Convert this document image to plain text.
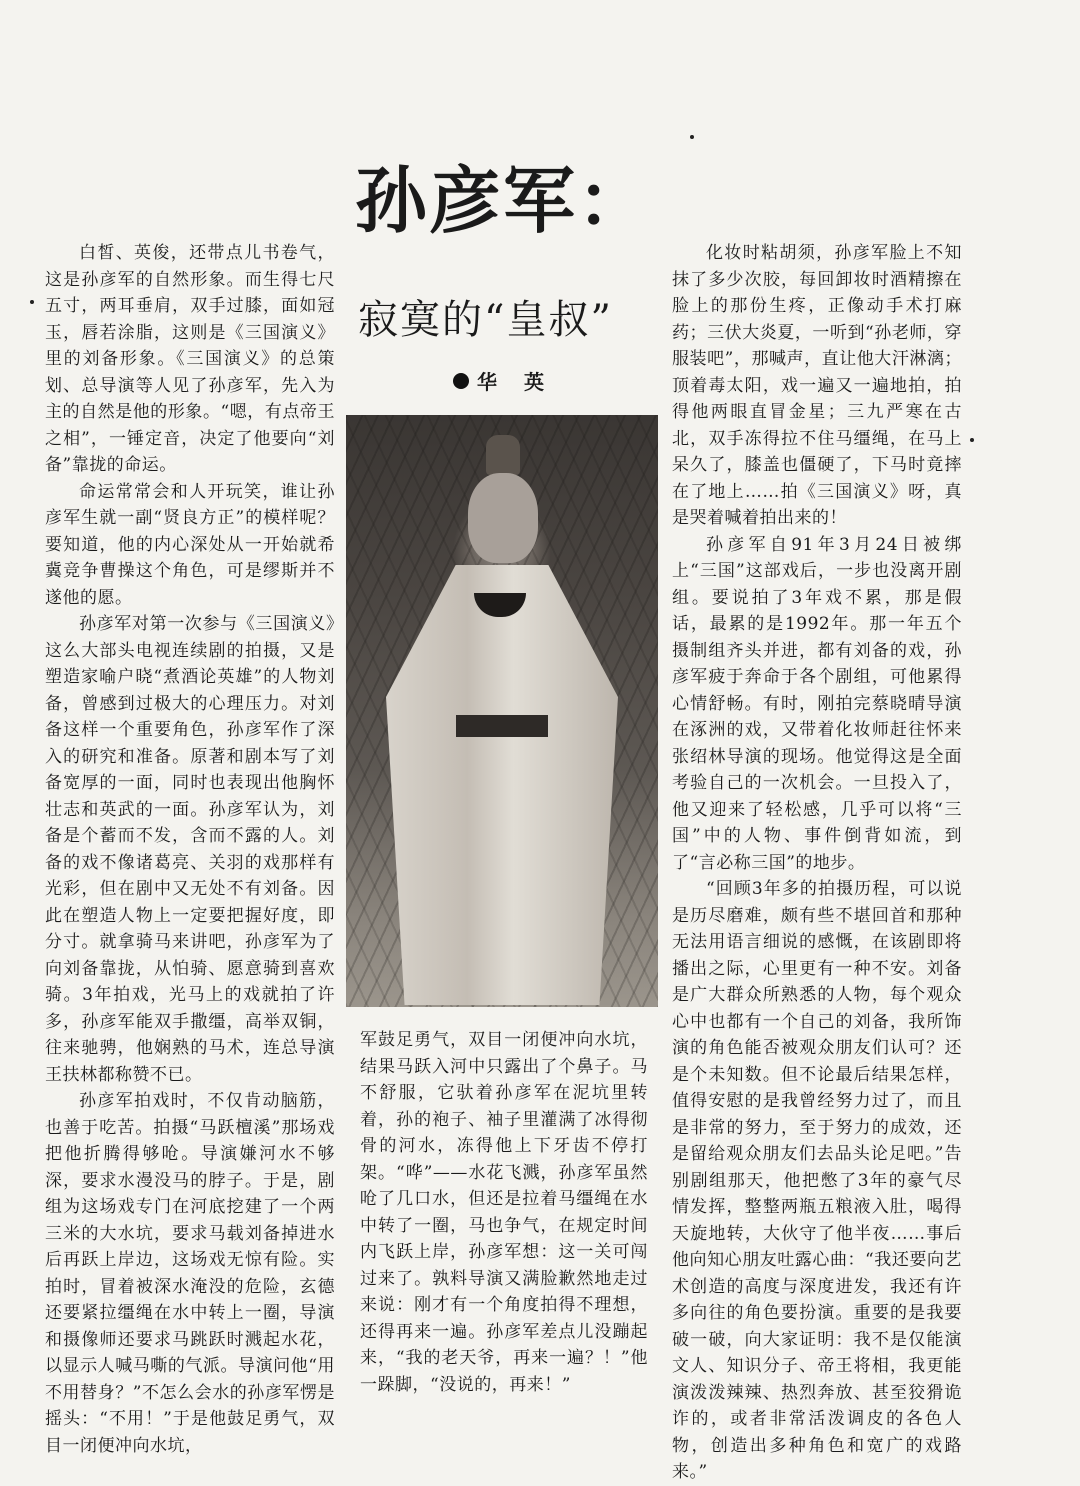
孙彦军：
寂寞的“皇叔”
华 英

白皙、英俊，还带点儿书卷气，这是孙彦军的自然形象。而生得七尺五寸，两耳垂肩，双手过膝，面如冠玉，唇若涂脂，这则是《三国演义》里的刘备形象。《三国演义》的总策划、总导演等人见了孙彦军，先入为主的自然是他的形象。“嗯，有点帝王之相”，一锤定音，决定了他要向“刘备”靠拢的命运。

命运常常会和人开玩笑，谁让孙彦军生就一副“贤良方正”的模样呢？要知道，他的内心深处从一开始就希冀竞争曹操这个角色，可是缪斯并不遂他的愿。

孙彦军对第一次参与《三国演义》这么大部头电视连续剧的拍摄，又是塑造家喻户晓“煮酒论英雄”的人物刘备，曾感到过极大的心理压力。对刘备这样一个重要角色，孙彦军作了深入的研究和准备。原著和剧本写了刘备宽厚的一面，同时也表现出他胸怀壮志和英武的一面。孙彦军认为，刘备是个蓄而不发，含而不露的人。刘备的戏不像诸葛亮、关羽的戏那样有光彩，但在剧中又无处不有刘备。因此在塑造人物上一定要把握好度，即分寸。就拿骑马来讲吧，孙彦军为了向刘备靠拢，从怕骑、愿意骑到喜欢骑。3年拍戏，光马上的戏就拍了许多，孙彦军能双手撒缰，高举双铜，往来驰骋，他娴熟的马术，连总导演王扶林都称赞不已。

孙彦军拍戏时，不仅肯动脑筋，也善于吃苦。拍摄“马跃檀溪”那场戏把他折腾得够呛。导演嫌河水不够深，要求水漫没马的脖子。于是，剧组为这场戏专门在河底挖建了一个两三米的大水坑，要求马载刘备掉进水后再跃上岸边，这场戏无惊有险。实拍时，冒着被深水淹没的危险，玄德还要紧拉缰绳在水中转上一圈，导演和摄像师还要求马跳跃时溅起水花，以显示人喊马嘶的气派。导演问他“用不用替身？”不怎么会水的孙彦军愣是摇头：“不用！”于是他鼓足勇气，双目一闭便冲向水坑，

军鼓足勇气，双目一闭便冲向水坑，结果马跃入河中只露出了个鼻子。马不舒服，它驮着孙彦军在泥坑里转着，孙的袍子、袖子里灌满了冰得彻骨的河水，冻得他上下牙齿不停打架。“哗”——水花飞溅，孙彦军虽然呛了几口水，但还是拉着马缰绳在水中转了一圈，马也争气，在规定时间内飞跃上岸，孙彦军想：这一关可闯过来了。孰料导演又满脸歉然地走过来说：刚才有一个角度拍得不理想，还得再来一遍。孙彦军差点儿没蹦起来，“我的老天爷，再来一遍？！”他一跺脚，“没说的，再来！”

化妆时粘胡须，孙彦军脸上不知抹了多少次胶，每回卸妆时酒精擦在脸上的那份生疼，正像动手术打麻药；三伏大炎夏，一听到“孙老师，穿服装吧”，那喊声，直让他大汗淋漓；顶着毒太阳，戏一遍又一遍地拍，拍得他两眼直冒金星；三九严寒在古北，双手冻得拉不住马缰绳，在马上呆久了，膝盖也僵硬了，下马时竟摔在了地上……拍《三国演义》呀，真是哭着喊着拍出来的！

孙彦军自91年3月24日被绑上“三国”这部戏后，一步也没离开剧组。要说拍了3年戏不累，那是假话，最累的是1992年。那一年五个摄制组齐头并进，都有刘备的戏，孙彦军疲于奔命于各个剧组，可他累得心情舒畅。有时，刚拍完蔡晓晴导演在涿洲的戏，又带着化妆师赶往怀来张绍林导演的现场。他觉得这是全面考验自己的一次机会。一旦投入了，他又迎来了轻松感，几乎可以将“三国”中的人物、事件倒背如流，到了“言必称三国”的地步。

“回顾3年多的拍摄历程，可以说是历尽磨难，颇有些不堪回首和那种无法用语言细说的感慨，在该剧即将播出之际，心里更有一种不安。刘备是广大群众所熟悉的人物，每个观众心中也都有一个自己的刘备，我所饰演的角色能否被观众朋友们认可？还是个未知数。但不论最后结果怎样，值得安慰的是我曾经努力过了，而且是非常的努力，至于努力的成效，还是留给观众朋友们去品头论足吧。”告别剧组那天，他把憋了3年的豪气尽情发挥，整整两瓶五粮液入肚，喝得天旋地转，大伙守了他半夜……事后他向知心朋友吐露心曲：“我还要向艺术创造的高度与深度进发，我还有许多向往的角色要扮演。重要的是我要破一破，向大家证明：我不是仅能演文人、知识分子、帝王将相，我更能演泼泼辣辣、热烈奔放、甚至狡猾诡诈的，或者非常活泼调皮的各色人物，创造出多种角色和宽广的戏路来。”
